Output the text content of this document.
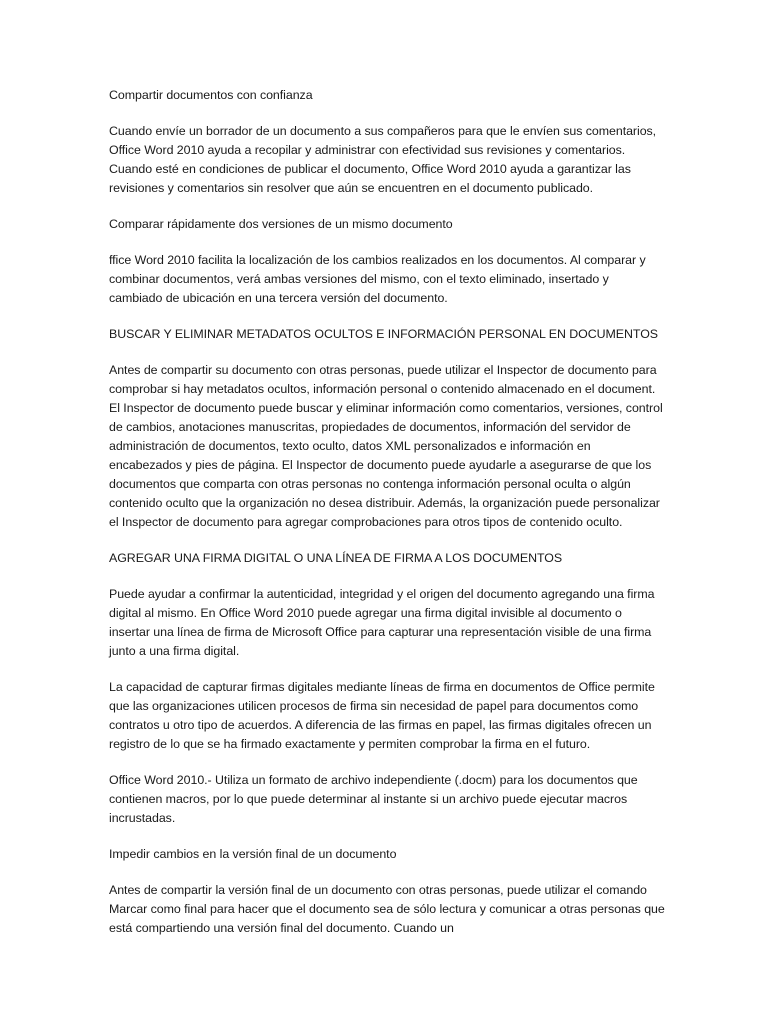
Compartir documentos con confianza

Cuando envíe un borrador de un documento a sus compañeros para que le envíen sus comentarios, Office Word 2010 ayuda a recopilar y administrar con efectividad sus revisiones y comentarios. Cuando esté en condiciones de publicar el documento, Office Word 2010 ayuda a garantizar las revisiones y comentarios sin resolver que aún se encuentren en el documento publicado.

Comparar rápidamente dos versiones de un mismo documento

ffice Word 2010 facilita la localización de los cambios realizados en los documentos. Al comparar y combinar documentos, verá ambas versiones del mismo, con el texto eliminado, insertado y cambiado de ubicación en una tercera versión del documento.

BUSCAR Y ELIMINAR METADATOS OCULTOS E INFORMACIÓN PERSONAL EN DOCUMENTOS

Antes de compartir su documento con otras personas, puede utilizar el Inspector de documento para comprobar si hay metadatos ocultos, información personal o contenido almacenado en el document. El Inspector de documento puede buscar y eliminar información como comentarios, versiones, control de cambios, anotaciones manuscritas, propiedades de documentos, información del servidor de administración de documentos, texto oculto, datos XML personalizados e información en encabezados y pies de página. El Inspector de documento puede ayudarle a asegurarse de que los documentos que comparta con otras personas no contenga información personal oculta o algún contenido oculto que la organización no desea distribuir. Además, la organización puede personalizar el Inspector de documento para agregar comprobaciones para otros tipos de contenido oculto.

AGREGAR UNA FIRMA DIGITAL O UNA LÍNEA DE FIRMA A LOS DOCUMENTOS

Puede ayudar a confirmar la autenticidad, integridad y el origen del documento agregando una firma digital al mismo. En Office Word 2010 puede agregar una firma digital invisible al documento o insertar una línea de firma de Microsoft Office para capturar una representación visible de una firma junto a una firma digital.

La capacidad de capturar firmas digitales mediante líneas de firma en documentos de Office permite que las organizaciones utilicen procesos de firma sin necesidad de papel para documentos como contratos u otro tipo de acuerdos. A diferencia de las firmas en papel, las firmas digitales ofrecen un registro de lo que se ha firmado exactamente y permiten comprobar la firma en el futuro.

Office Word 2010.- Utiliza un formato de archivo independiente (.docm) para los documentos que contienen macros, por lo que puede determinar al instante si un archivo puede ejecutar macros incrustadas.

Impedir cambios en la versión final de un documento

Antes de compartir la versión final de un documento con otras personas, puede utilizar el comando Marcar como final para hacer que el documento sea de sólo lectura y comunicar a otras personas que está compartiendo una versión final del documento. Cuando un
